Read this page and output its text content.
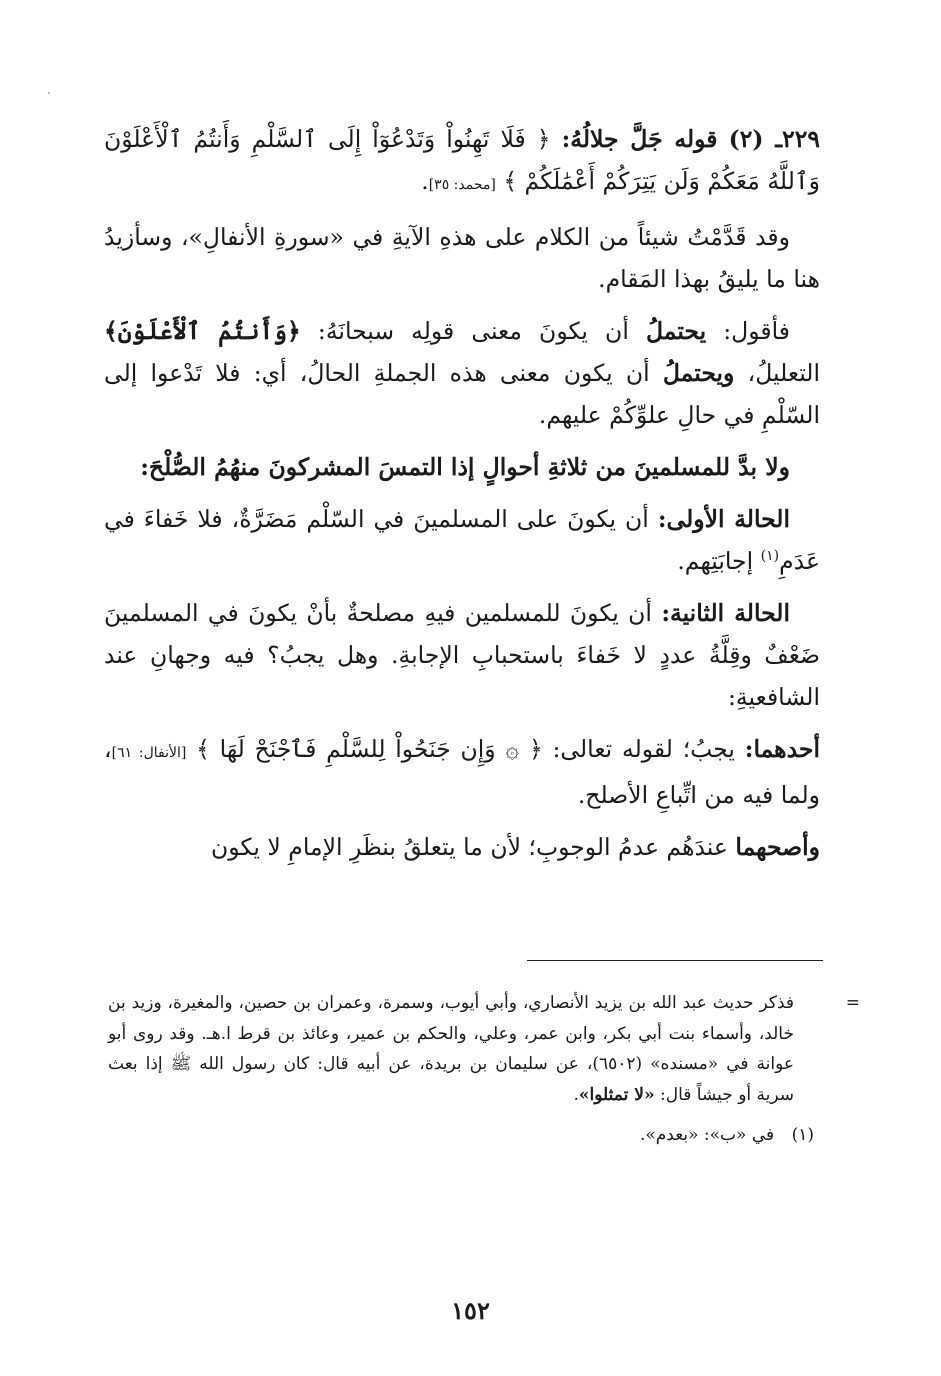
٢٢٩ـ (٢) قوله جَلَّ جلالُهُ: ﴿ فَلَا تَهِنُواْ وَتَدْعُوٓاْ إِلَى ٱلسَّلْمِ وَأَنتُمُ ٱلْأَعْلَوْنَ وَٱللَّهُ مَعَكُمْ وَلَن يَتِرَكُمْ أَعْمَٰلَكُمْ ﴾ [محمد: ٣٥].

وقد قَدَّمْتُ شيئاً من الكلام على هذهِ الآيةِ في «سورةِ الأنفالِ»، وسأزيدُ هنا ما يليقُ بهذا المَقام.

فأقول: يحتملُ أن يكونَ معنى قولِه سبحانَهُ: ﴿وَأَنتُمُ ٱلْأَعْلَوْنَ﴾ التعليلُ، ويحتملُ أن يكون معنى هذه الجملةِ الحالُ، أي: فلا تَدْعوا إلى السّلْمِ في حالِ علوِّكُمْ عليهم.

ولا بدَّ للمسلمينَ من ثلاثةِ أحوالٍ إذا التمسَ المشركونَ منهُمُ الصُّلْحَ:

الحالة الأولى: أن يكونَ على المسلمينَ في السّلْم مَضَرَّةٌ، فلا خَفاءَ في عَدَمِ$^{(١)}$ إجابَتِهم.

الحالة الثانية: أن يكونَ للمسلمين فيهِ مصلحةٌ بأنْ يكونَ في المسلمينَ ضَعْفٌ وقِلَّةُ عددٍ لا خَفاءَ باستحبابِ الإجابةِ. وهل يجبُ؟ فيه وجهانِ عند الشافعيةِ:

أحدهما: يجبُ؛ لقوله تعالى: ﴿ ۞ وَإِن جَنَحُواْ لِلسَّلْمِ فَٱجْنَحْ لَهَا ﴾ [الأنفال: ٦١]، ولما فيه من اتِّباعِ الأصلح.

وأصحهما عندَهُم عدمُ الوجوبِ؛ لأن ما يتعلقُ بنظَرِ الإمامِ لا يكون

=
فذكر حديث عبد الله بن يزيد الأنصاري، وأبي أيوب، وسمرة، وعمران بن حصين، والمغيرة، وزيد بن خالد، وأسماء بنت أبي بكر، وابن عمر، وعلي، والحكم بن عمير، وعائذ بن قرط ا.هـ. وقد روى أبو عوانة في «مسنده» (٦٥٠٢)، عن سليمان بن بريدة، عن أبيه قال: كان رسول الله ﷺ إذا بعث سرية أو جيشاً قال: «لا تمثلوا».
(١) في «ب»: «بعدم».
١٥٢
